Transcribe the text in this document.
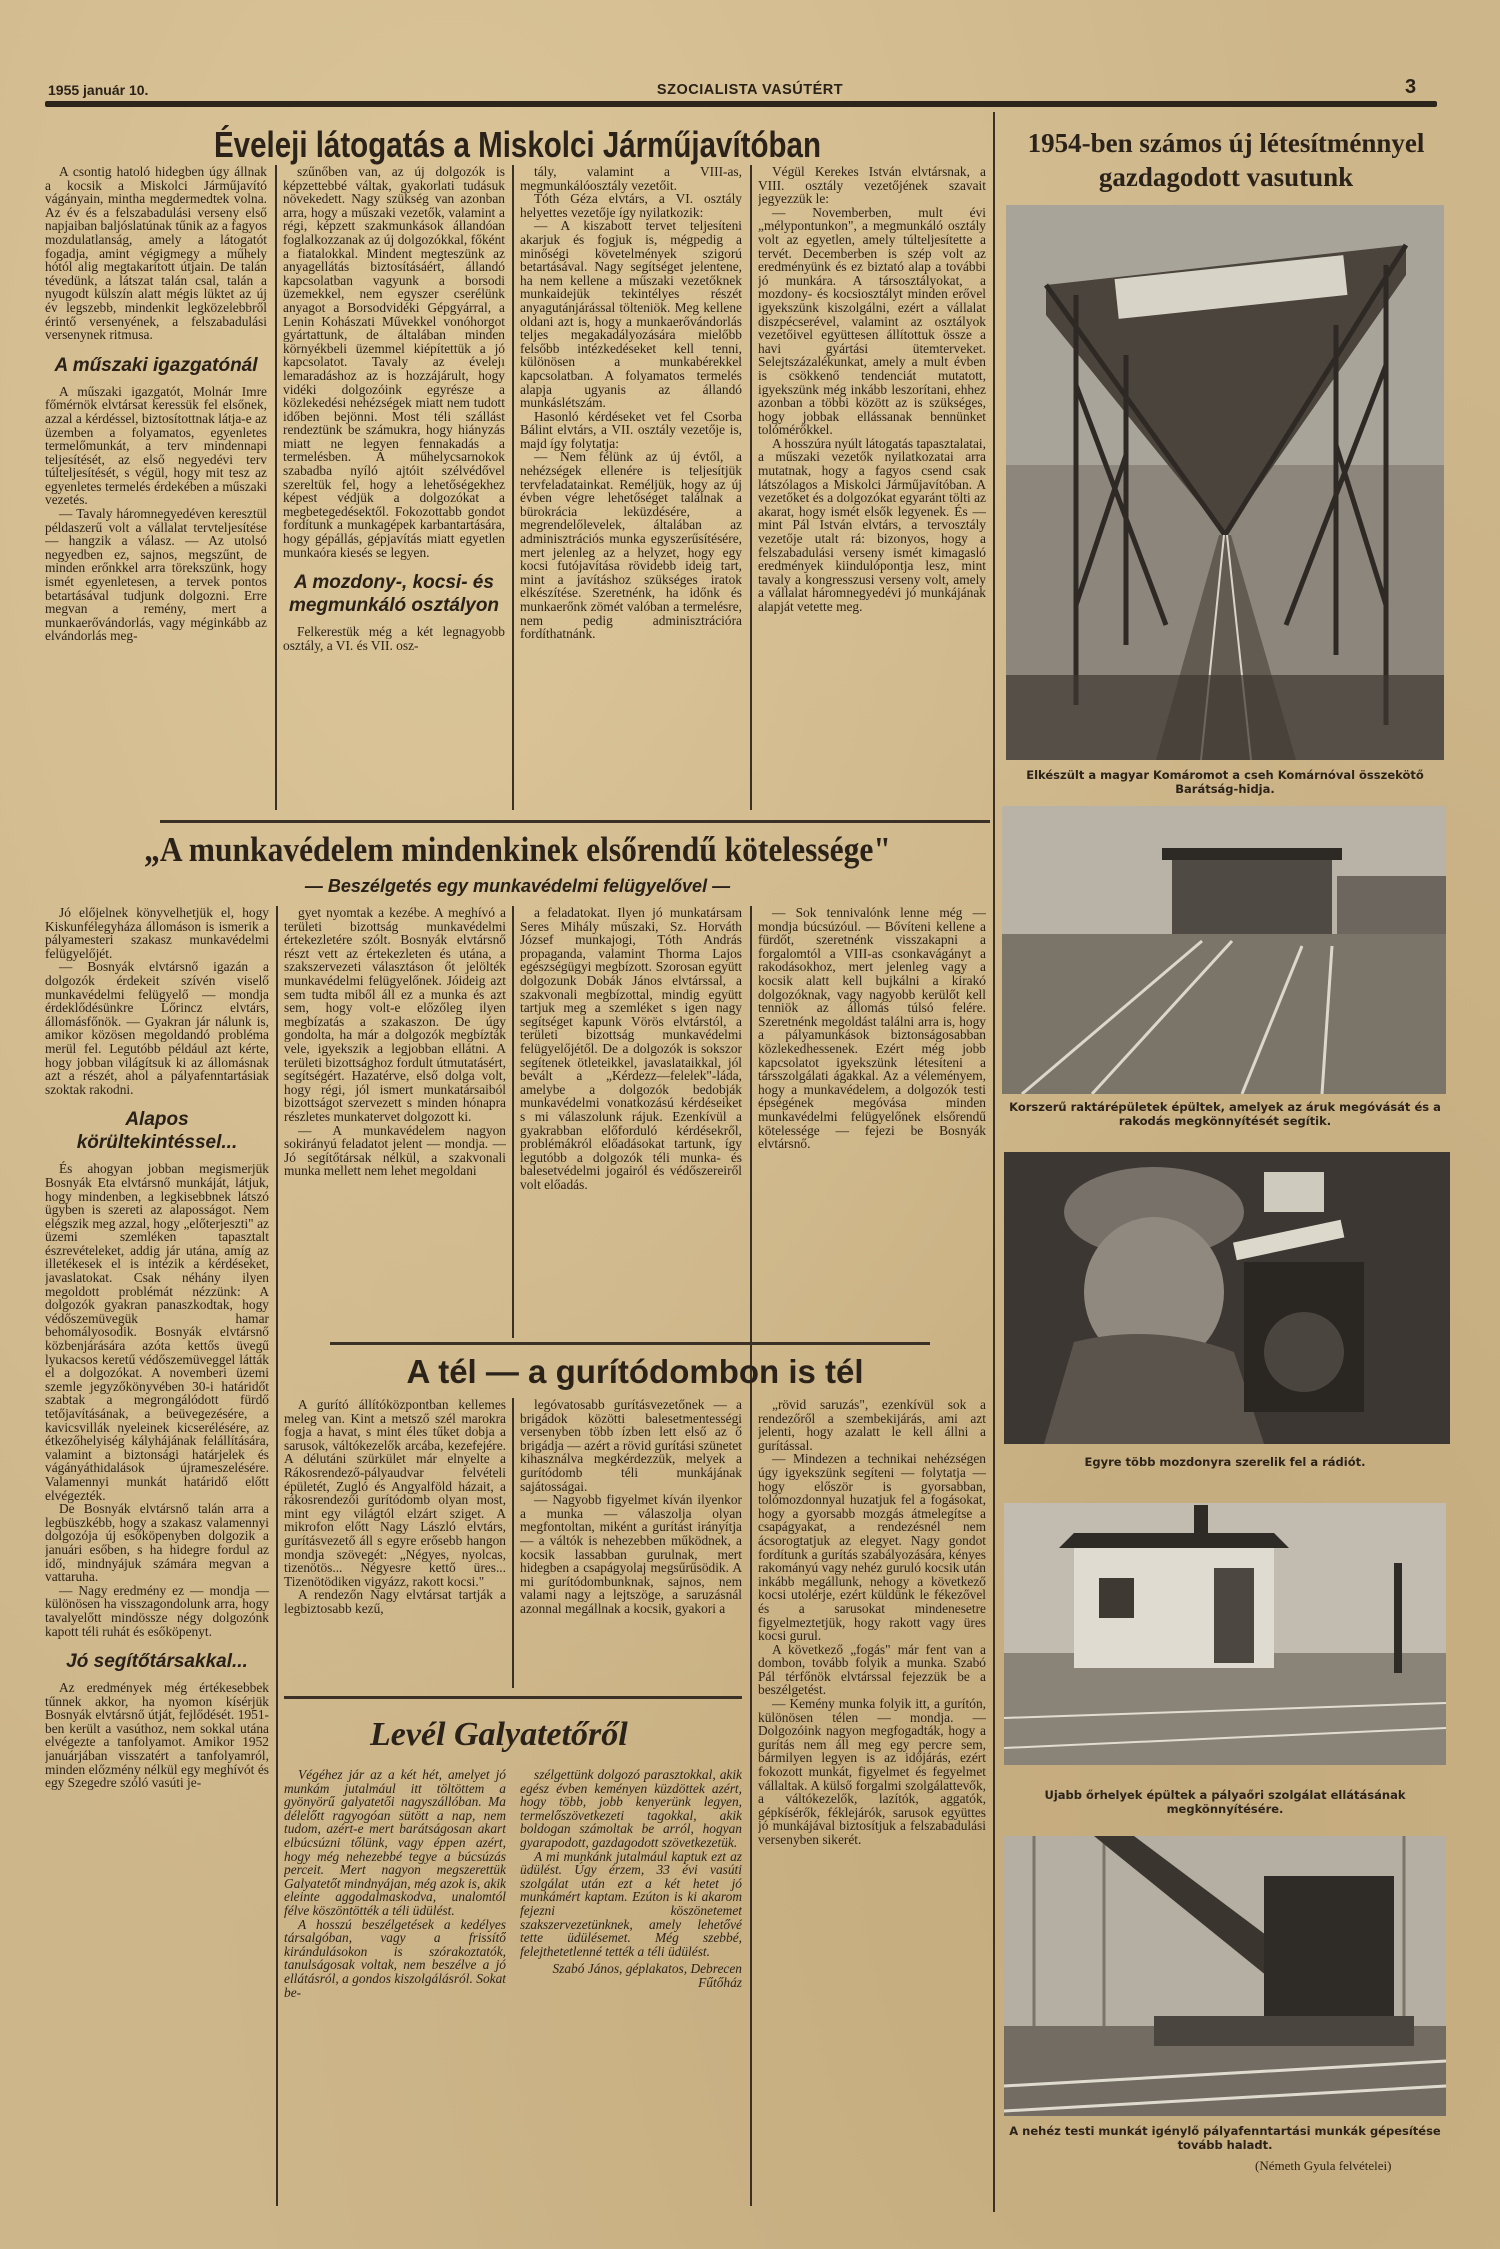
1955 január 10.	SZOCIALISTA VASÚTÉRT	3
Éveleji látogatás a Miskolci Járműjavítóban

A csontig hatoló hidegben úgy állnak a kocsik a Miskolci Járműjavító vágányain, mintha megdermedtek volna. Az év és a felszabadulási verseny első napjaiban baljóslatúnak tűnik az a fagyos mozdulatlanság, amely a látogatót fogadja, amint végigmegy a műhely hótól alig megtakarított útjain. De talán tévedünk, a látszat talán csal, talán a nyugodt külszín alatt mégis lüktet az új év legszebb, mindenkit legközelebbről érintő versenyének, a felszabadulási versenynek ritmusa.

A műszaki igazgatónál

A műszaki igazgatót, Molnár Imre főmérnök elvtársat keressük fel elsőnek, azzal a kérdéssel, biztosítottnak látja-e az üzemben a folyamatos, egyenletes termelőmunkát, a terv mindennapi teljesítését, az első negyedévi terv túlteljesítését, s végül, hogy mit tesz az egyenletes termelés érdekében a műszaki vezetés.

— Tavaly háromnegyedéven keresztül példaszerű volt a vállalat tervteljesítése — hangzik a válasz. — Az utolsó negyedben ez, sajnos, megszűnt, de minden erőnkkel arra törekszünk, hogy ismét egyenletesen, a tervek pontos betartásával tudjunk dolgozni. Erre megvan a remény, mert a munkaerővándorlás, vagy méginkább az elvándorlás meg-

szűnőben van, az új dolgozók is képzettebbé váltak, gyakorlati tudásuk növekedett. Nagy szükség van azonban arra, hogy a műszaki vezetők, valamint a régi, képzett szakmunkások állandóan foglalkozzanak az új dolgozókkal, főként a fiatalokkal. Mindent megteszünk az anyagellátás biztosításáért, állandó kapcsolatban vagyunk a borsodi üzemekkel, nem egyszer cserélünk anyagot a Borsodvidéki Gépgyárral, a Lenin Kohászati Művekkel vonóhorgot gyártattunk, de általában minden környékbeli üzemmel kiépítettük a jó kapcsolatot. Tavaly az évelejı lemaradáshoz az is hozzájárult, hogy vidéki dolgozóink egyrésze a közlekedési nehézségek miatt nem tudott időben bejönni. Most téli szállást rendeztünk be számukra, hogy hiányzás miatt ne legyen fennakadás a termelésben. A műhelycsarnokok szabadba nyíló ajtóit szélvédővel szereltük fel, hogy a lehetőségekhez képest védjük a dolgozókat a megbetegedésektől. Fokozottabb gondot fordítunk a munkagépek karbantartására, hogy gépállás, gépjavítás miatt egyetlen munkaóra kiesés se legyen.

A mozdony-, kocsi- és megmunkáló osztályon

Felkerestük még a két legnagyobb osztály, a VI. és VII. osz-

tály, valamint a VIII-as, megmunkálóosztály vezetőit.

Tóth Géza elvtárs, a VI. osztály helyettes vezetője így nyilatkozik:

— A kiszabott tervet teljesíteni akarjuk és fogjuk is, mégpedig a minőségi követelmények szigorú betartásával. Nagy segítséget jelentene, ha nem kellene a műszaki vezetőknek munkaidejük tekintélyes részét anyagutánjárással tölteniök. Meg kellene oldani azt is, hogy a munkaerővándorlás teljes megakadályozására mielőbb felsőbb intézkedéseket kell tenni, különösen a munkabérekkel kapcsolatban. A folyamatos termelés alapja ugyanis az állandó munkáslétszám.

Hasonló kérdéseket vet fel Csorba Bálint elvtárs, a VII. osztály vezetője is, majd így folytatja:

— Nem félünk az új évtől, a nehézségek ellenére is teljesítjük tervfeladatainkat. Reméljük, hogy az új évben végre lehetőséget találnak a bürokrácia leküzdésére, a megrendelőlevelek, általában az adminisztrációs munka egyszerűsítésére, mert jelenleg az a helyzet, hogy egy kocsi futójavítása rövidebb ideig tart, mint a javításhoz szükséges iratok elkészítése. Szeretnénk, ha időnk és munkaerőnk zömét valóban a termelésre, nem pedig adminisztrációra fordíthatnánk.

Végül Kerekes István elvtársnak, a VIII. osztály vezetőjének szavait jegyezzük le:

— Novemberben, mult évi „mélypontunkon", a megmunkáló osztály volt az egyetlen, amely túlteljesítette a tervét. Decemberben is szép volt az eredményünk és ez biztató alap a további jó munkára. A társosztályokat, a mozdony- és kocsiosztályt minden erővel igyekszünk kiszolgálni, ezért a vállalat diszpécserével, valamint az osztályok vezetőivel együttesen állítottuk össze a havi gyártási ütemterveket. Selejtszázalékunkat, amely a mult évben is csökkenő tendenciát mutatott, igyekszünk még inkább leszorítani, ehhez azonban a többi között az is szükséges, hogy jobbak ellássanak bennünket tolómérőkkel.

A hosszúra nyúlt látogatás tapasztalatai, a műszaki vezetők nyilatkozatai arra mutatnak, hogy a fagyos csend csak látszólagos a Miskolci Járműjavítóban. A vezetőket és a dolgozókat egyaránt tölti az akarat, hogy ismét elsők legyenek. És — mint Pál István elvtárs, a tervosztály vezetője utalt rá: bizonyos, hogy a felszabadulási verseny ismét kimagasló eredmények kiindulópontja lesz, mint tavaly a kongresszusi verseny volt, amely a vállalat háromnegyedévi jó munkájának alapját vetette meg.

1954-ben számos új létesítménnyel
gazdagodott vasutunk
Elkészült a magyar Komáromot a cseh Komárnóval összekötő Barátság-hidja.
Korszerű raktárépületek épültek, amelyek az áruk megóvását és a rakodás megkönnyítését segítik.
Egyre több mozdonyra szerelik fel a rádiót.
Ujabb őrhelyek épültek a pályaőri szolgálat ellátásának megkönnyítésére.
A nehéz testi munkát igénylő pályafenntartási munkák gépesítése tovább haladt.
(Németh Gyula felvételei)
„A munkavédelem mindenkinek elsőrendű kötelessége"
— Beszélgetés egy munkavédelmi felügyelővel —

Jó előjelnek könyvelhetjük el, hogy Kiskunfélegyháza állomáson is ismerik a pályamesteri szakasz munkavédelmi felügyelőjét.

— Bosnyák elvtársnő igazán a dolgozók érdekeit szívén viselő munkavédelmi felügyelő — mondja érdeklődésünkre Lőrincz elvtárs, állomásfőnök. — Gyakran jár nálunk is, amikor közösen megoldandó probléma merül fel. Legutóbb például azt kérte, hogy jobban világítsuk ki az állomásnak azt a részét, ahol a pályafenntartásiak szoktak rakodni.

Alapos körültekintéssel...

És ahogyan jobban megismerjük Bosnyák Eta elvtársnő munkáját, látjuk, hogy mindenben, a legkisebbnek látszó ügyben is szereti az alaposságot. Nem elégszik meg azzal, hogy „előterjeszti" az üzemi szemléken tapasztalt észrevételeket, addig jár utána, amíg az illetékesek el is intézik a kérdéseket, javaslatokat. Csak néhány ilyen megoldott problémát nézzünk: A dolgozók gyakran panaszkodtak, hogy védőszemüvegük hamar behomályosodik. Bosnyák elvtársnő közbenjárására azóta kettős üvegű lyukacsos keretű védőszemüveggel látták el a dolgozókat. A novemberi üzemi szemle jegyzőkönyvében 30-i határidőt szabtak a megrongálódott fürdő tetőjavításának, a beüvegezésére, a kavicsvillák nyeleinek kicserélésére, az étkezőhelyiség kályhájának felállítására, valamint a biztonsági határjelek és vágányáthidalások újrameszelésére. Valamennyi munkát határidő előtt elvégezték.

De Bosnyák elvtársnő talán arra a legbüszkébb, hogy a szakasz valamennyi dolgozója új esőköpenyben dolgozik a januári esőben, s ha hidegre fordul az idő, mindnyájuk számára megvan a vattaruha.

— Nagy eredmény ez — mondja — különösen ha visszagondolunk arra, hogy tavalyelőtt mindössze négy dolgozónk kapott téli ruhát és esőköpenyt.

Jó segítőtársakkal...

Az eredmények még értékesebbek tűnnek akkor, ha nyomon kísérjük Bosnyák elvtársnő útját, fejlődését. 1951-ben került a vasúthoz, nem sokkal utána elvégezte a tanfolyamot. Amikor 1952 januárjában visszatért a tanfolyamról, minden előzmény nélkül egy meghívót és egy Szegedre szóló vasúti je-

gyet nyomtak a kezébe. A meghívó a területi bizottság munkavédelmi értekezletére szólt. Bosnyák elvtársnő részt vett az értekezleten és utána, a szakszervezeti választáson őt jelölték munkavédelmi felügyelőnek. Jóideig azt sem tudta miből áll ez a munka és azt sem, hogy volt-e előzőleg ilyen megbízatás a szakaszon. De úgy gondolta, ha már a dolgozók megbízták vele, igyekszik a legjobban ellátni. A területi bizottsághoz fordult útmutatásért, segítségért. Hazatérve, első dolga volt, hogy régi, jól ismert munkatársaiból bizottságot szervezett s minden hónapra részletes munkatervet dolgozott ki.

— A munkavédelem nagyon sokirányú feladatot jelent — mondja. — Jó segítőtársak nélkül, a szakvonali munka mellett nem lehet megoldani

a feladatokat. Ilyen jó munkatársam Seres Mihály műszaki, Sz. Horváth József munkajogi, Tóth András propaganda, valamint Thorma Lajos egészségügyi megbízott. Szorosan együtt dolgozunk Dobák János elvtárssal, a szakvonali megbízottal, mindig együtt tartjuk meg a szemléket s igen nagy segítséget kapunk Vörös elvtárstól, a területi bizottság munkavédelmi felügyelőjétől. De a dolgozók is sokszor segítenek ötleteikkel, javaslataikkal, jól bevált a „Kérdezz—felelek"-láda, amelybe a dolgozók bedobják munkavédelmi vonatkozású kérdéseiket s mi válaszolunk rájuk. Ezenkívül a gyakrabban előforduló kérdésekről, problémákról előadásokat tartunk, így legutóbb a dolgozók téli munka- és balesetvédelmi jogairól és védőszereiről volt előadás.

— Sok tennivalónk lenne még — mondja búcsúzóul. — Bővíteni kellene a fürdőt, szeretnénk visszakapni a forgalomtól a VIII-as csonkavágányt a rakodásokhoz, mert jelenleg vagy a kocsik alatt kell bujkálni a kirakó dolgozóknak, vagy nagyobb kerülőt kell tenniök az állomás túlsó felére. Szeretnénk megoldást találni arra is, hogy a pályamunkások biztonságosabban közlekedhessenek. Ezért még jobb kapcsolatot igyekszünk létesíteni a társszolgálati ágakkal. Az a véleményem, hogy a munkavédelem, a dolgozók testi épségének megóvása minden munkavédelmi felügyelőnek elsőrendű kötelessége — fejezi be Bosnyák elvtársnő.

A tél — a gurítódombon is tél

A gurító állítóközpontban kellemes meleg van. Kint a metsző szél marokra fogja a havat, s mint éles tűket dobja a sarusok, váltókezelők arcába, kezefejére. A délutáni szürkület már elnyelte a Rákosrendező-pályaudvar felvételi épületét, Zugló és Angyalföld házait, a rákosrendezői gurítódomb olyan most, mint egy világtól elzárt sziget. A mikrofon előtt Nagy László elvtárs, gurításvezető áll s egyre erősebb hangon mondja szövegét: „Négyes, nyolcas, tizenötös... Négyesre kettő üres... Tizenötödiken vigyázz, rakott kocsi."

A rendezőn Nagy elvtársat tartják a legbiztosabb kezű,

legóvatosabb gurításvezetőnek — a brigádok közötti balesetmentességi versenyben több ízben lett első az ő brigádja — azért a rövid gurítási szünetet kihasználva megkérdezzük, melyek a gurítódomb téli munkájának sajátosságai.

— Nagyobb figyelmet kíván ilyenkor a munka — válaszolja olyan megfontoltan, miként a gurítást irányítja — a váltók is nehezebben működnek, a kocsik lassabban gurulnak, mert hidegben a csapágyolaj megsűrűsödik. A mi gurítódombunknak, sajnos, nem valami nagy a lejtszöge, a saruzásnál azonnal megállnak a kocsik, gyakori a

„rövid saruzás", ezenkívül sok a rendezőről a szembekijárás, ami azt jelenti, hogy azalatt le kell állni a gurítással.

— Mindezen a technikai nehézségen úgy igyekszünk segíteni — folytatja — hogy először is gyorsabban, tolómozdonnyal huzatjuk fel a fogásokat, hogy a gyorsabb mozgás átmelegítse a csapágyakat, a rendezésnél nem ácsorogtatjuk az elegyet. Nagy gondot fordítunk a gurítás szabályozására, kényes rakományú vagy nehéz guruló kocsik után inkább megállunk, nehogy a következő kocsi utolérje, ezért küldünk le fékezővel és a sarusokat mindenesetre figyelmeztetjük, hogy rakott vagy üres kocsi gurul.

A következő „fogás" már fent van a dombon, tovább folyik a munka. Szabó Pál térfőnök elvtárssal fejezzük be a beszélgetést.

— Kemény munka folyik itt, a gurítón, különösen télen — mondja. — Dolgozóink nagyon megfogadták, hogy a gurítás nem áll meg egy percre sem, bármilyen legyen is az időjárás, ezért fokozott munkát, figyelmet és fegyelmet vállaltak. A külső forgalmi szolgálattevők, a váltókezelők, lazítók, aggatók, gépkísérők, féklejárók, sarusok együttes jó munkájával biztosítjuk a felszabadulási versenyben sikerét.

Levél Galyatetőről

Végéhez jár az a két hét, amelyet jó munkám jutalmául itt töltöttem a gyönyörű galyatetői nagyszállóban. Ma délelőtt ragyogóan sütött a nap, nem tudom, azért-e mert barátságosan akart elbúcsúzni tőlünk, vagy éppen azért, hogy még nehezebbé tegye a búcsúzás perceit. Mert nagyon megszerettük Galyatetőt mindnyájan, még azok is, akik eleinte aggodalmaskodva, unalomtól félve köszöntötték a téli üdülést.

A hosszú beszélgetések a kedélyes társalgóban, vagy a frissítő kirándulásokon is szórakoztatók, tanulságosak voltak, nem beszélve a jó ellátásról, a gondos kiszolgálásról. Sokat be-

szélgettünk dolgozó parasztokkal, akik egész évben keményen küzdöttek azért, hogy több, jobb kenyerünk legyen, termelőszövetkezeti tagokkal, akik boldogan számoltak be arról, hogyan gyarapodott, gazdagodott szövetkezetük.

A mi munkánk jutalmául kaptuk ezt az üdülést. Úgy érzem, 33 évi vasúti szolgálat után ezt a két hetet jó munkámért kaptam. Ezúton is ki akarom fejezni köszönetemet szakszervezetünknek, amely lehetővé tette üdülésemet. Még szebbé, felejthetetlenné tették a téli üdülést.

Szabó János, géplakatos, Debrecen Fűtőház
